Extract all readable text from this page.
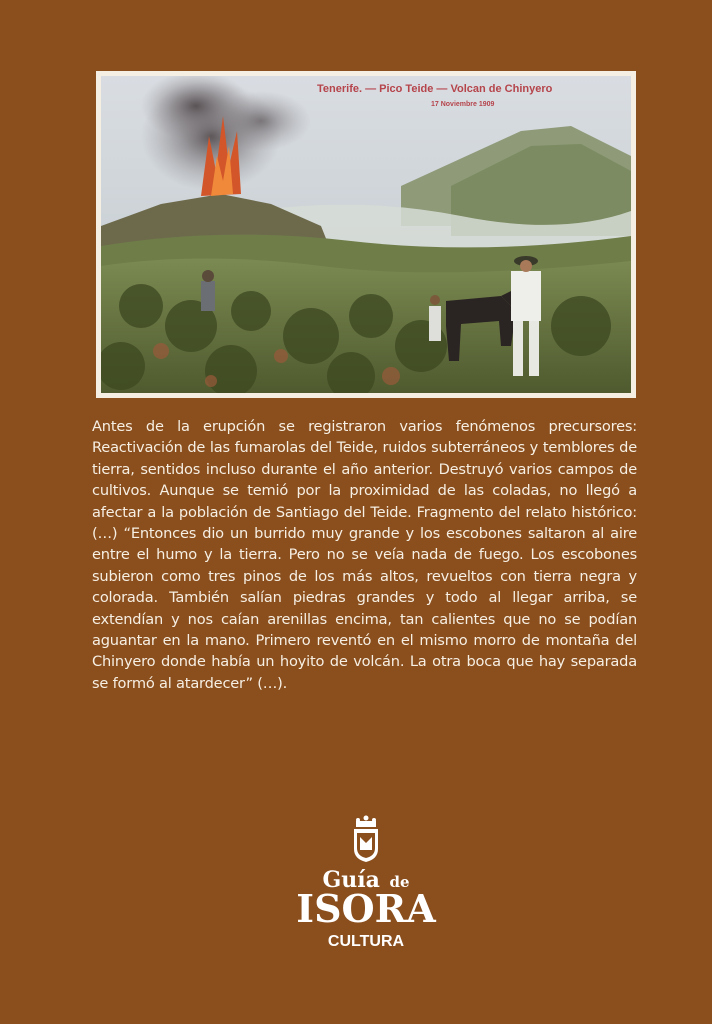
Tenerife. — Pico Teide — Volcan de Chinyero
17 Noviembre 1909

Antes de la erupción se registraron varios fenómenos precursores: Reactivación de las fumarolas del Teide, ruidos subterráneos y temblores de tierra, sentidos incluso durante el año anterior. Destruyó varios campos de cultivos. Aunque se temió por la proximidad de las coladas, no llegó a afectar a la población de Santiago del Teide. Fragmento del relato histórico: (…) “Entonces dio un burrido muy grande y los escobones saltaron al aire entre el humo y la tierra. Pero no se veía nada de fuego. Los escobones subieron como tres pinos de los más altos, revueltos con tierra negra y colorada. También salían piedras grandes y todo al llegar arriba, se extendían y nos caían arenillas encima, tan calientes que no se podían aguantar en la mano. Primero reventó en el mismo morro de montaña del Chinyero donde había un hoyito de volcán. La otra boca que hay separada se formó al atardecer” (…).

Guía de
ISORA
CULTURA
